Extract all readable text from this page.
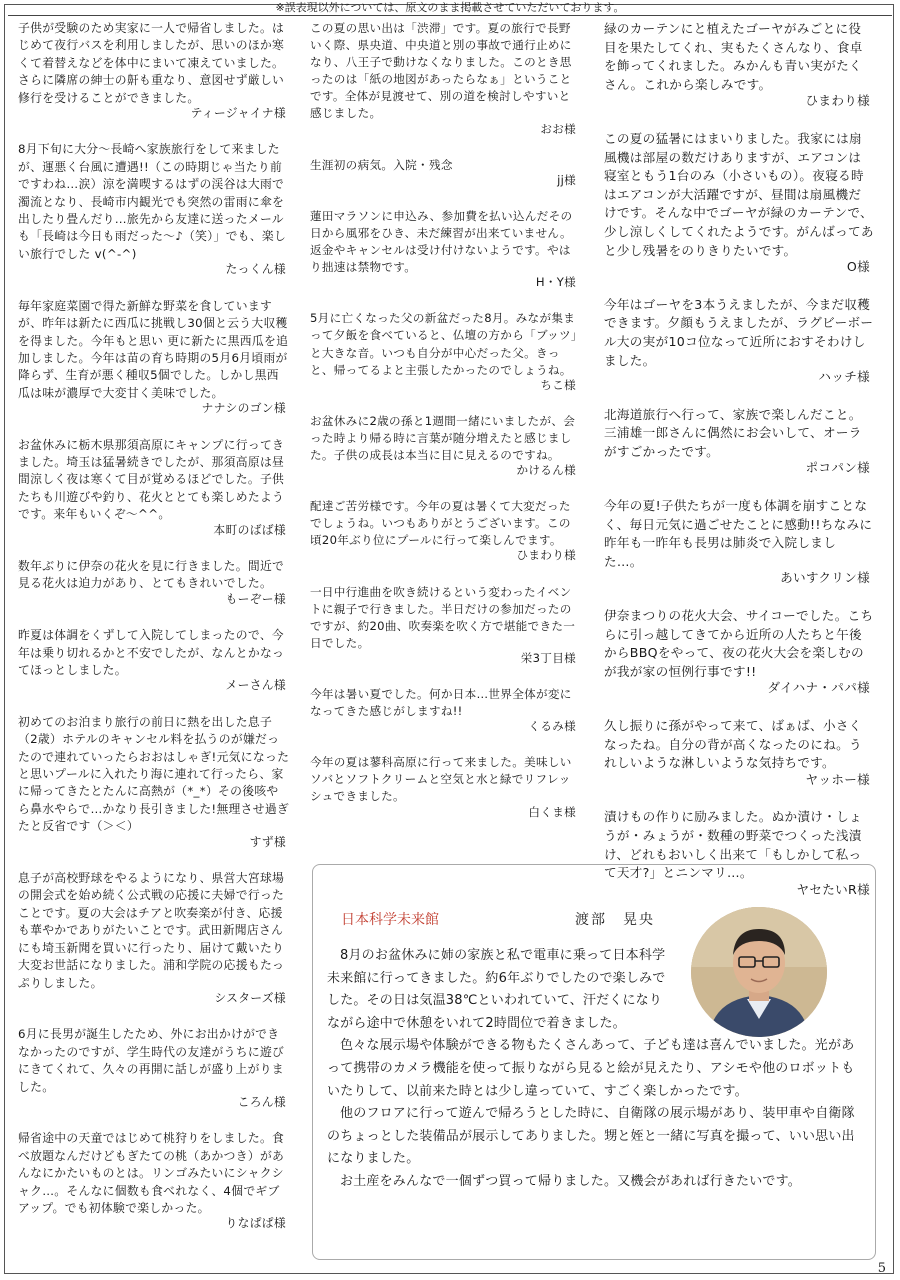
※誤表現以外については、原文のまま掲載させていただいております。
子供が受験のため実家に一人で帰省しました。はじめて夜行バスを利用しましたが、思いのほか寒くて着替えなどを体中にまいて凍えていました。さらに隣席の紳士の鼾も重なり、意図せず厳しい修行を受けることができました。
ティージャイナ様
8月下旬に大分～長崎へ家族旅行をして来ましたが、運悪く台風に遭遇!!（この時期じゃ当たり前ですわね…涙）涼を満喫するはずの渓谷は大雨で濁流となり、長崎市内観光でも突然の雷雨に傘を出したり畳んだり…旅先から友達に送ったメールも「長崎は今日も雨だった～♪（笑）」でも、楽しい旅行でした v(^-^)
たっくん様
毎年家庭菜園で得た新鮮な野菜を食していますが、昨年は新たに西瓜に挑戦し30個と云う大収穫を得ました。今年もと思い 更に新たに黒西瓜を追加しました。今年は苗の育ち時期の5月6月頃雨が降らず、生育が悪く種収5個でした。しかし黒西瓜は味が濃厚で大変甘く美味でした。
ナナシのゴン様
お盆休みに栃木県那須高原にキャンプに行ってきました。埼玉は猛暑続きでしたが、那須高原は昼間涼しく夜は寒くて目が覚めるほどでした。子供たちも川遊びや釣り、花火ととても楽しめたようです。来年もいくぞ～^^。
本町のばば様
数年ぶりに伊奈の花火を見に行きました。間近で見る花火は迫力があり、とてもきれいでした。
もーぞー様
昨夏は体調をくずして入院してしまったので、今年は乗り切れるかと不安でしたが、なんとかなってほっとしました。
メーさん様
初めてのお泊まり旅行の前日に熱を出した息子（2歳）ホテルのキャンセル料を払うのが嫌だったので連れていったらおおはしゃぎ!元気になったと思いプールに入れたり海に連れて行ったら、家に帰ってきたとたんに高熱が（*_*）その後咳やら鼻水やらで…かなり長引きました!無理させ過ぎたと反省です（＞＜）
すず様
息子が高校野球をやるようになり、県営大宮球場の開会式を始め続く公式戦の応援に夫婦で行ったことです。夏の大会はチアと吹奏楽が付き、応援も華やかでありがたいことです。武田新聞店さんにも埼玉新聞を買いに行ったり、届けて戴いたり大変お世話になりました。浦和学院の応援もたっぷりしました。
シスターズ様
6月に長男が誕生したため、外にお出かけができなかったのですが、学生時代の友達がうちに遊びにきてくれて、久々の再開に話しが盛り上がりました。
ころん様
帰省途中の天童ではじめて桃狩りをしました。食べ放題なんだけどもぎたての桃（あかつき）があんなにかたいものとは。リンゴみたいにシャクシャク…。そんなに個数も食べれなく、4個でギブアップ。でも初体験で楽しかった。
りなぱぱ様
この夏の思い出は「渋滞」です。夏の旅行で長野いく際、県央道、中央道と別の事故で通行止めになり、八王子で動けなくなりました。このとき思ったのは「紙の地図があったらなぁ」ということです。全体が見渡せて、別の道を検討しやすいと感じました。
おお様
生涯初の病気。入院・残念
jj様
蓮田マラソンに申込み、参加費を払い込んだその日から風邪をひき、未だ練習が出来ていません。返金やキャンセルは受け付けないようです。やはり拙速は禁物です。
H・Y様
5月に亡くなった父の新盆だった8月。みなが集まって夕飯を食べていると、仏壇の方から「ブッツ」と大きな音。いつも自分が中心だった父。きっと、帰ってるよと主張したかったのでしょうね。
ちこ様
お盆休みに2歳の孫と1週間一緒にいましたが、会った時より帰る時に言葉が随分増えたと感じました。子供の成長は本当に目に見えるのですね。
かけるん様
配達ご苦労様です。今年の夏は暑くて大変だったでしょうね。いつもありがとうございます。この頃20年ぶり位にプールに行って楽しんでます。
ひまわり様
一日中行進曲を吹き続けるという変わったイベントに親子で行きました。半日だけの参加だったのですが、約20曲、吹奏楽を吹く方で堪能できた一日でした。
栄3丁目様
今年は暑い夏でした。何か日本…世界全体が変になってきた感じがしますね!!
くるみ様
今年の夏は蓼科高原に行って来ました。美味しいソバとソフトクリームと空気と水と緑でリフレッシュできました。
白くま様
緑のカーテンにと植えたゴーヤがみごとに役目を果たしてくれ、実もたくさんなり、食卓を飾ってくれました。みかんも青い実がたくさん。これから楽しみです。
ひまわり様
この夏の猛暑にはまいりました。我家には扇風機は部屋の数だけありますが、エアコンは寝室ともう1台のみ（小さいもの）。夜寝る時はエアコンが大活躍ですが、昼間は扇風機だけです。そんな中でゴーヤが緑のカーテンで、少し涼しくしてくれたようです。がんばってあと少し残暑をのりきりたいです。
O様
今年はゴーヤを3本うえましたが、今まだ収穫できます。夕顔もうえましたが、ラグビーボール大の実が10コ位なって近所におすそわけしました。
ハッチ様
北海道旅行へ行って、家族で楽しんだこと。三浦雄一郎さんに偶然にお会いして、オーラがすごかったです。
ポコパン様
今年の夏!子供たちが一度も体調を崩すことなく、毎日元気に過ごせたことに感動!!ちなみに昨年も一昨年も長男は肺炎で入院しました…。
あいすクリン様
伊奈まつりの花火大会、サイコーでした。こちらに引っ越してきてから近所の人たちと午後からBBQをやって、夜の花火大会を楽しむのが我が家の恒例行事です!!
ダイハナ・パパ様
久し振りに孫がやって来て、ばぁば、小さくなったね。自分の背が高くなったのにね。うれしいような淋しいような気持ちです。
ヤッホー様
漬けもの作りに励みました。ぬか漬け・しょうが・みょうが・数種の野菜でつくった浅漬け、どれもおいしく出来て「もしかして私って天才?」とニンマリ…。
ヤセたいR様
日本科学未来館	渡部　晃央

8月のお盆休みに姉の家族と私で電車に乗って日本科学未来館に行ってきました。約6年ぶりでしたので楽しみでした。その日は気温38℃といわれていて、汗だくになりながら途中で休憩をいれて2時間位で着きました。

色々な展示場や体験ができる物もたくさんあって、子ども達は喜んでいました。光があって携帯のカメラ機能を使って振りながら見ると絵が見えたり、アシモや他のロボットもいたりして、以前来た時とは少し違っていて、すごく楽しかったです。

他のフロアに行って遊んで帰ろうとした時に、自衛隊の展示場があり、装甲車や自衛隊のちょっとした装備品が展示してありました。甥と姪と一緒に写真を撮って、いい思い出になりました。

お土産をみんなで一個ずつ買って帰りました。又機会があれば行きたいです。

5
